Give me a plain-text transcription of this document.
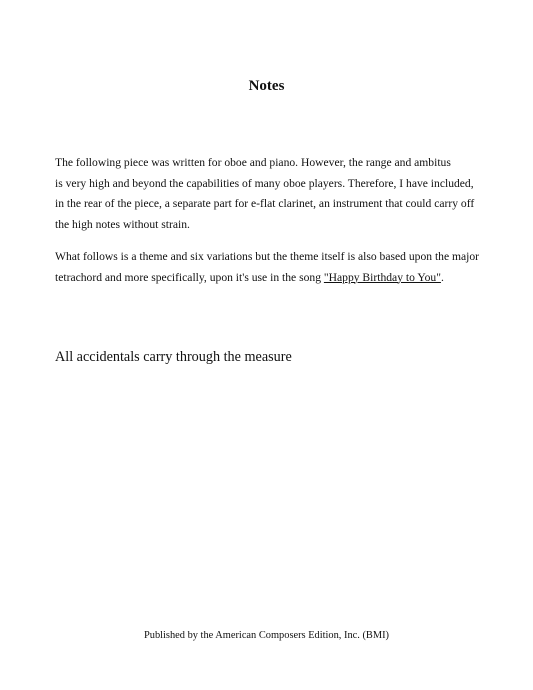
Notes

The following piece was written for oboe and piano. However, the range and ambitus
is very high and beyond the capabilities of many oboe players. Therefore, I have included,
in the rear of the piece, a separate part for e-flat clarinet, an instrument that could carry off
the high notes without strain.

What follows is a theme and six variations but the theme itself is also based upon the major
tetrachord and more specifically, upon it's use in the song "Happy Birthday to You".

All accidentals carry through the measure

Published by the American Composers Edition, Inc. (BMI)
